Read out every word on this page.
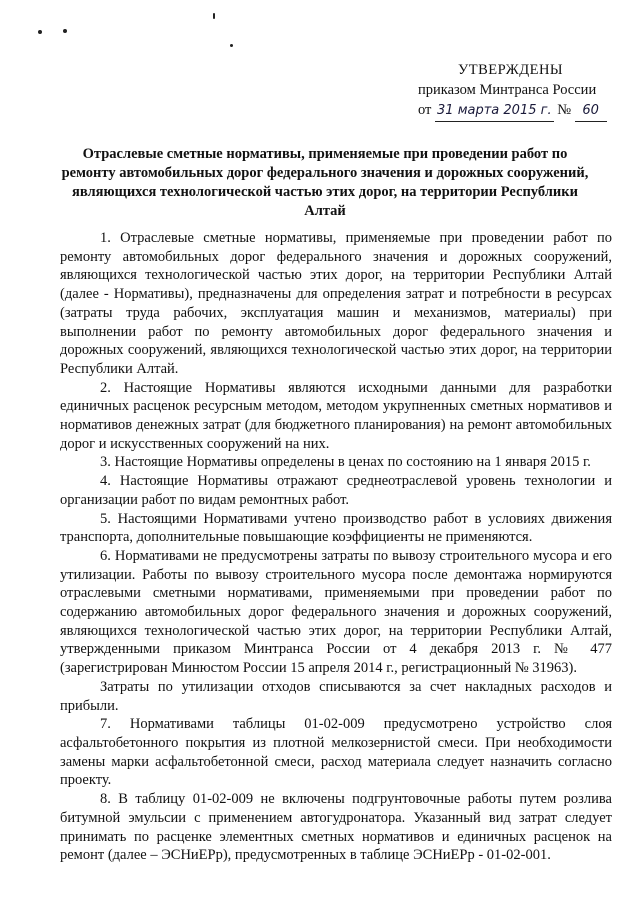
УТВЕРЖДЕНЫ
приказом Минтранса России
от 31 марта 2015 г. № 60
Отраслевые сметные нормативы, применяемые при проведении работ по ремонту автомобильных дорог федерального значения и дорожных сооружений, являющихся технологической частью этих дорог, на территории Республики Алтай

1. Отраслевые сметные нормативы, применяемые при проведении работ по ремонту автомобильных дорог федерального значения и дорожных сооружений, являющихся технологической частью этих дорог, на территории Республики Алтай (далее - Нормативы), предназначены для определения затрат и потребности в ресурсах (затраты труда рабочих, эксплуатация машин и механизмов, материалы) при выполнении работ по ремонту автомобильных дорог федерального значения и дорожных сооружений, являющихся технологической частью этих дорог, на территории Республики Алтай.

2. Настоящие Нормативы являются исходными данными для разработки единичных расценок ресурсным методом, методом укрупненных сметных нормативов и нормативов денежных затрат (для бюджетного планирования) на ремонт автомобильных дорог и искусственных сооружений на них.

3. Настоящие Нормативы определены в ценах по состоянию на 1 января 2015 г.

4. Настоящие Нормативы отражают среднеотраслевой уровень технологии и организации работ по видам ремонтных работ.

5. Настоящими Нормативами учтено производство работ в условиях движения транспорта, дополнительные повышающие коэффициенты не применяются.

6. Нормативами не предусмотрены затраты по вывозу строительного мусора и его утилизации. Работы по вывозу строительного мусора после демонтажа нормируются отраслевыми сметными нормативами, применяемыми при проведении работ по содержанию автомобильных дорог федерального значения и дорожных сооружений, являющихся технологической частью этих дорог, на территории Республики Алтай, утвержденными приказом Минтранса России от 4 декабря 2013 г. № 477 (зарегистрирован Минюстом России 15 апреля 2014 г., регистрационный № 31963).

Затраты по утилизации отходов списываются за счет накладных расходов и прибыли.

7. Нормативами таблицы 01-02-009 предусмотрено устройство слоя асфальтобетонного покрытия из плотной мелкозернистой смеси. При необходимости замены марки асфальтобетонной смеси, расход материала следует назначить согласно проекту.

8. В таблицу 01-02-009 не включены подгрунтовочные работы путем розлива битумной эмульсии с применением автогудронатора. Указанный вид затрат следует принимать по расценке элементных сметных нормативов и единичных расценок на ремонт (далее – ЭСНиЕРр), предусмотренных в таблице ЭСНиЕРр - 01-02-001.
